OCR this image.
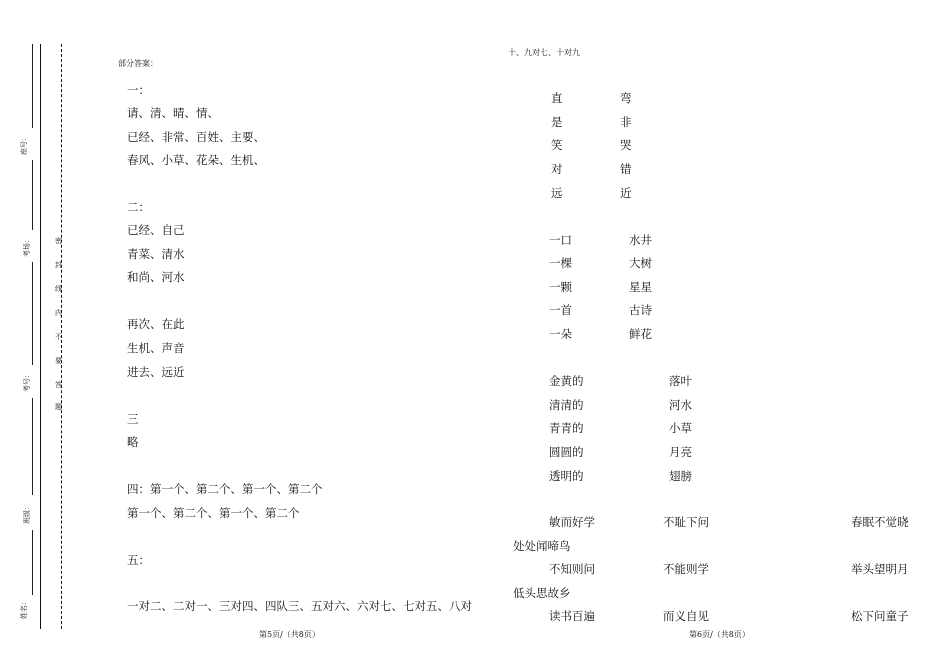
座号：
考场：
考号：
班级：
姓名：
密
封
线
内
不
要
答
题
部分答案：
一：
请、清、晴、情、
已经、非常、百姓、主要、
春风、小草、花朵、生机、
二：
已经、自己
青菜、清水
和尚、河水
再次、在此
生机、声音
进去、远近
三
略
四：第一个、第二个、第一个、第二个
第一个、第二个、第一个、第二个
五：
一对二、二对一、三对四、四队三、五对六、六对七、七对五、八对
第5页/（共8页）
十、九对七、十对九
直	弯
是	非
笑	哭
对	错
远	近
一口	水井
一棵	大树
一颗	星星
一首	古诗
一朵	鲜花
金黄的	落叶
清清的	河水
青青的	小草
圆圆的	月亮
透明的	翅膀
敏而好学	不耻下问	春眠不觉晓
处处闻啼鸟
不知则问	不能则学	举头望明月
低头思故乡
读书百遍	而义自见	松下问童子
第6页/（共8页）
